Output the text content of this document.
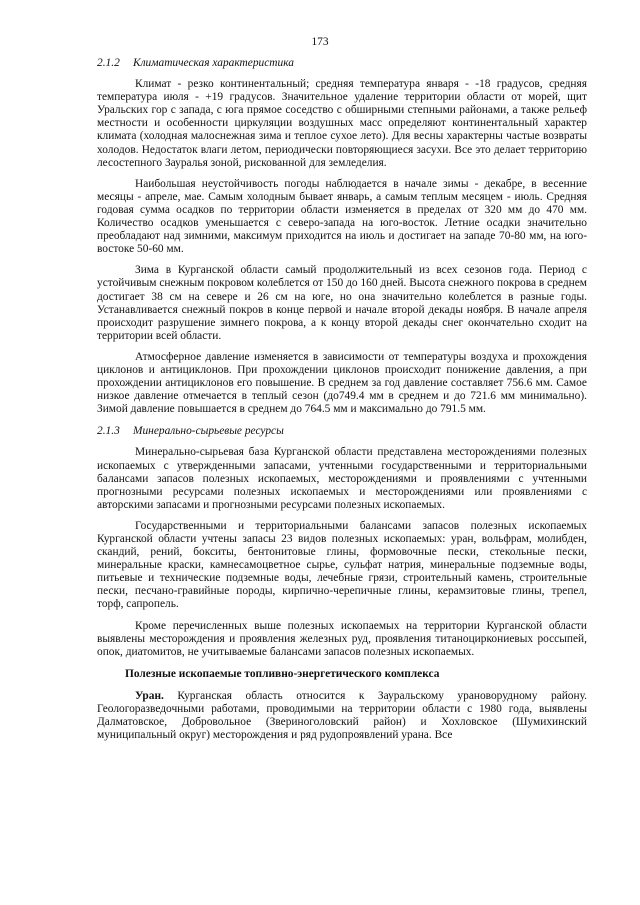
173
2.1.2 Климатическая характеристика

Климат - резко континентальный; средняя температура января - -18 градусов, средняя температура июля - +19 градусов. Значительное удаление территории области от морей, щит Уральских гор с запада, с юга прямое соседство с обширными степными районами, а также рельеф местности и особенности циркуляции воздушных масс определяют континентальный характер климата (холодная малоснежная зима и теплое сухое лето). Для весны характерны частые возвраты холодов. Недостаток влаги летом, периодически повторяющиеся засухи. Все это делает территорию лесостепного Зауралья зоной, рискованной для земледелия.

Наибольшая неустойчивость погоды наблюдается в начале зимы - декабре, в весенние месяцы - апреле, мае. Самым холодным бывает январь, а самым теплым месяцем - июль. Средняя годовая сумма осадков по территории области изменяется в пределах от 320 мм до 470 мм. Количество осадков уменьшается с северо-запада на юго-восток. Летние осадки значительно преобладают над зимними, максимум приходится на июль и достигает на западе 70-80 мм, на юго-востоке 50-60 мм.

Зима в Курганской области самый продолжительный из всех сезонов года. Период с устойчивым снежным покровом колеблется от 150 до 160 дней. Высота снежного покрова в среднем достигает 38 см на севере и 26 см на юге, но она значительно колеблется в разные годы. Устанавливается снежный покров в конце первой и начале второй декады ноября. В начале апреля происходит разрушение зимнего покрова, а к концу второй декады снег окончательно сходит на территории всей области.

Атмосферное давление изменяется в зависимости от температуры воздуха и прохождения циклонов и антициклонов. При прохождении циклонов происходит понижение давления, а при прохождении антициклонов его повышение. В среднем за год давление составляет 756.6 мм. Самое низкое давление отмечается в теплый сезон (до749.4 мм в среднем и до 721.6 мм минимально). Зимой давление повышается в среднем до 764.5 мм и максимально до 791.5 мм.

2.1.3 Минерально-сырьевые ресурсы

Минерально-сырьевая база Курганской области представлена месторождениями полезных ископаемых с утвержденными запасами, учтенными государственными и территориальными балансами запасов полезных ископаемых, месторождениями и проявлениями с учтенными прогнозными ресурсами полезных ископаемых и месторождениями или проявлениями с авторскими запасами и прогнозными ресурсами полезных ископаемых.

Государственными и территориальными балансами запасов полезных ископаемых Курганской области учтены запасы 23 видов полезных ископаемых: уран, вольфрам, молибден, скандий, рений, бокситы, бентонитовые глины, формовочные пески, стекольные пески, минеральные краски, камнесамоцветное сырье, сульфат натрия, минеральные подземные воды, питьевые и технические подземные воды, лечебные грязи, строительный камень, строительные пески, песчано-гравийные породы, кирпично-черепичные глины, керамзитовые глины, трепел, торф, сапропель.

Кроме перечисленных выше полезных ископаемых на территории Курганской области выявлены месторождения и проявления железных руд, проявления титаноциркониевых россыпей, опок, диатомитов, не учитываемые балансами запасов полезных ископаемых.

Полезные ископаемые топливно-энергетического комплекса

Уран. Курганская область относится к Зауральскому урановорудному району. Геологоразведочными работами, проводимыми на территории области с 1980 года, выявлены Далматовское, Добровольное (Звериноголовский район) и Хохловское (Шумихинский муниципальный округ) месторождения и ряд рудопроявлений урана. Все
